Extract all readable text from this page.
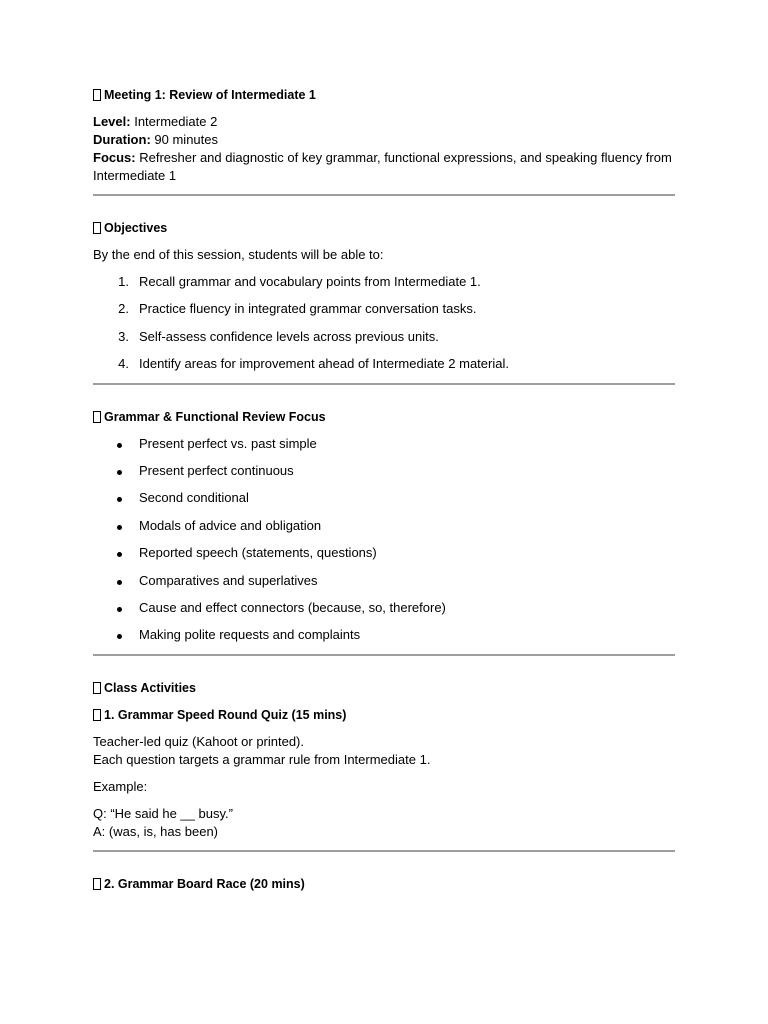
Meeting 1: Review of Intermediate 1

Level: Intermediate 2
Duration: 90 minutes
Focus: Refresher and diagnostic of key grammar, functional expressions, and speaking fluency from Intermediate 1

Objectives

By the end of this session, students will be able to:

1. Recall grammar and vocabulary points from Intermediate 1.
2. Practice fluency in integrated grammar conversation tasks.
3. Self-assess confidence levels across previous units.
4. Identify areas for improvement ahead of Intermediate 2 material.

Grammar & Functional Review Focus

Present perfect vs. past simple
Present perfect continuous
Second conditional
Modals of advice and obligation
Reported speech (statements, questions)
Comparatives and superlatives
Cause and effect connectors (because, so, therefore)
Making polite requests and complaints

Class Activities

1. Grammar Speed Round Quiz (15 mins)

Teacher-led quiz (Kahoot or printed).
Each question targets a grammar rule from Intermediate 1.

Example:

Q: “He said he __ busy.”
A: (was, is, has been)

2. Grammar Board Race (20 mins)
